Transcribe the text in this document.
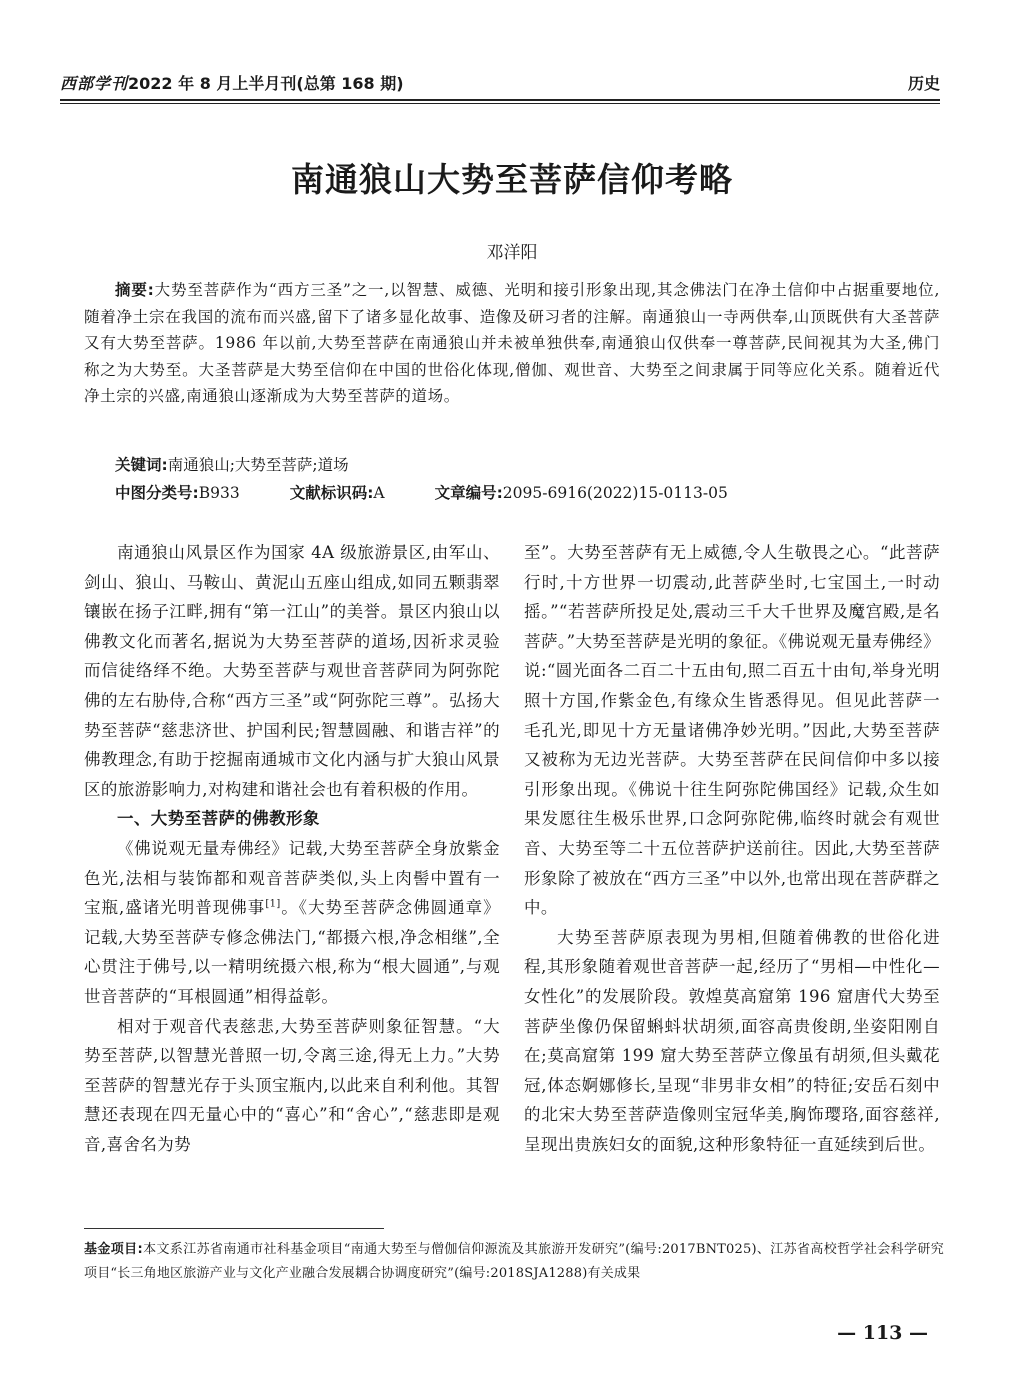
西部学刊2022 年 8 月上半月刊(总第 168 期)	历史
南通狼山大势至菩萨信仰考略
邓洋阳
摘要:大势至菩萨作为“西方三圣”之一,以智慧、威德、光明和接引形象出现,其念佛法门在净土信仰中占据重要地位,随着净土宗在我国的流布而兴盛,留下了诸多显化故事、造像及研习者的注解。南通狼山一寺两供奉,山顶既供有大圣菩萨又有大势至菩萨。1986 年以前,大势至菩萨在南通狼山并未被单独供奉,南通狼山仅供奉一尊菩萨,民间视其为大圣,佛门称之为大势至。大圣菩萨是大势至信仰在中国的世俗化体现,僧伽、观世音、大势至之间隶属于同等应化关系。随着近代净土宗的兴盛,南通狼山逐渐成为大势至菩萨的道场。
关键词:南通狼山;大势至菩萨;道场
中图分类号:B933	文献标识码:A	文章编号:2095-6916(2022)15-0113-05

南通狼山风景区作为国家 4A 级旅游景区,由军山、剑山、狼山、马鞍山、黄泥山五座山组成,如同五颗翡翠镶嵌在扬子江畔,拥有“第一江山”的美誉。景区内狼山以佛教文化而著名,据说为大势至菩萨的道场,因祈求灵验而信徒络绎不绝。大势至菩萨与观世音菩萨同为阿弥陀佛的左右胁侍,合称“西方三圣”或“阿弥陀三尊”。弘扬大势至菩萨“慈悲济世、护国利民;智慧圆融、和谐吉祥”的佛教理念,有助于挖掘南通城市文化内涵与扩大狼山风景区的旅游影响力,对构建和谐社会也有着积极的作用。

一、大势至菩萨的佛教形象

《佛说观无量寿佛经》记载,大势至菩萨全身放紫金色光,法相与装饰都和观音菩萨类似,头上肉髻中置有一宝瓶,盛诸光明普现佛事[1]。《大势至菩萨念佛圆通章》记载,大势至菩萨专修念佛法门,“都摄六根,净念相继”,全心贯注于佛号,以一精明统摄六根,称为“根大圆通”,与观世音菩萨的“耳根圆通”相得益彰。

相对于观音代表慈悲,大势至菩萨则象征智慧。“大势至菩萨,以智慧光普照一切,令离三途,得无上力。”大势至菩萨的智慧光存于头顶宝瓶内,以此来自利利他。其智慧还表现在四无量心中的“喜心”和“舍心”,“慈悲即是观音,喜舍名为势

至”。大势至菩萨有无上威德,令人生敬畏之心。“此菩萨行时,十方世界一切震动,此菩萨坐时,七宝国土,一时动摇。”“若菩萨所投足处,震动三千大千世界及魔宫殿,是名菩萨。”大势至菩萨是光明的象征。《佛说观无量寿佛经》说:“圆光面各二百二十五由旬,照二百五十由旬,举身光明照十方国,作紫金色,有缘众生皆悉得见。但见此菩萨一毛孔光,即见十方无量诸佛净妙光明。”因此,大势至菩萨又被称为无边光菩萨。大势至菩萨在民间信仰中多以接引形象出现。《佛说十往生阿弥陀佛国经》记载,众生如果发愿往生极乐世界,口念阿弥陀佛,临终时就会有观世音、大势至等二十五位菩萨护送前往。因此,大势至菩萨形象除了被放在“西方三圣”中以外,也常出现在菩萨群之中。

大势至菩萨原表现为男相,但随着佛教的世俗化进程,其形象随着观世音菩萨一起,经历了“男相—中性化—女性化”的发展阶段。敦煌莫高窟第 196 窟唐代大势至菩萨坐像仍保留蝌蚪状胡须,面容高贵俊朗,坐姿阳刚自在;莫高窟第 199 窟大势至菩萨立像虽有胡须,但头戴花冠,体态婀娜修长,呈现“非男非女相”的特征;安岳石刻中的北宋大势至菩萨造像则宝冠华美,胸饰璎珞,面容慈祥,呈现出贵族妇女的面貌,这种形象特征一直延续到后世。

基金项目:本文系江苏省南通市社科基金项目“南通大势至与僧伽信仰源流及其旅游开发研究”(编号:2017BNT025)、江苏省高校哲学社会科学研究项目“长三角地区旅游产业与文化产业融合发展耦合协调度研究”(编号:2018SJA1288)有关成果
— 113 —
